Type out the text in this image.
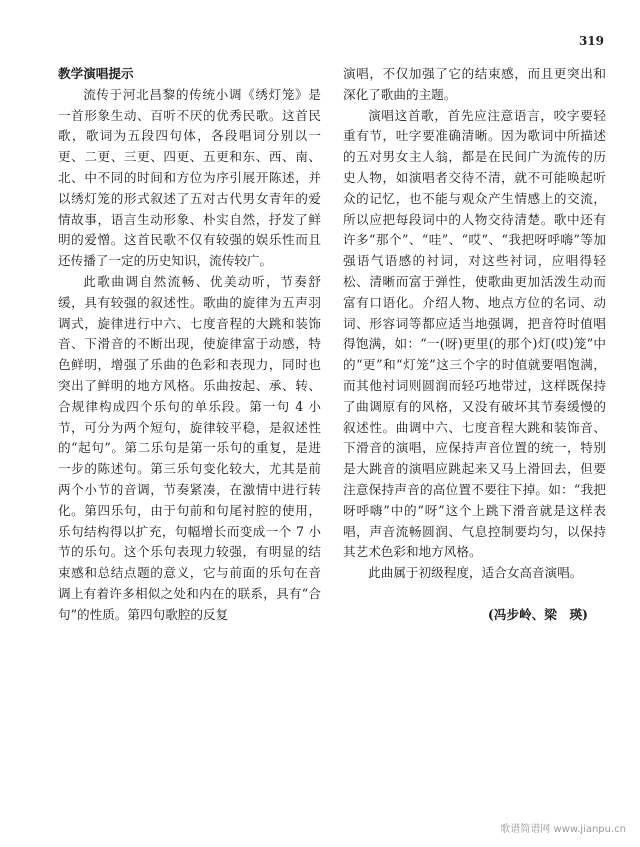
319
教学演唱提示

流传于河北昌黎的传统小调《绣灯笼》是一首形象生动、百听不厌的优秀民歌。这首民歌，歌词为五段四句体，各段唱词分别以一更、二更、三更、四更、五更和东、西、南、北、中不同的时间和方位为序引展开陈述，并以绣灯笼的形式叙述了五对古代男女青年的爱情故事，语言生动形象、朴实自然，抒发了鲜明的爱憎。这首民歌不仅有较强的娱乐性而且还传播了一定的历史知识，流传较广。

此歌曲调自然流畅、优美动听，节奏舒缓，具有较强的叙述性。歌曲的旋律为五声羽调式，旋律进行中六、七度音程的大跳和装饰音、下滑音的不断出现，使旋律富于动感，特色鲜明，增强了乐曲的色彩和表现力，同时也突出了鲜明的地方风格。乐曲按起、承、转、合规律构成四个乐句的单乐段。第一句 4 小节，可分为两个短句，旋律较平稳，是叙述性的“起句”。第二乐句是第一乐句的重复，是进一步的陈述句。第三乐句变化较大，尤其是前两个小节的音调，节奏紧凑，在激情中进行转化。第四乐句，由于句前和句尾衬腔的使用，乐句结构得以扩充，句幅增长而变成一个 7 小节的乐句。这个乐句表现力较强，有明显的结束感和总结点题的意义，它与前面的乐句在音调上有着许多相似之处和内在的联系，具有“合句”的性质。第四句歌腔的反复

演唱，不仅加强了它的结束感，而且更突出和深化了歌曲的主题。

演唱这首歌，首先应注意语言，咬字要轻重有节，吐字要准确清晰。因为歌词中所描述的五对男女主人翁，都是在民间广为流传的历史人物，如演唱者交待不清，就不可能唤起听众的记忆，也不能与观众产生情感上的交流，所以应把每段词中的人物交待清楚。歌中还有许多“那个”、“哇”、“哎”、“我把呀呼嗨”等加强语气语感的衬词，对这些衬词，应唱得轻松、清晰而富于弹性，使歌曲更加活泼生动而富有口语化。介绍人物、地点方位的名词、动词、形容词等都应适当地强调，把音符时值唱得饱满，如：“一(呀)更里(的那个)灯(哎)笼”中的“更”和“灯笼”这三个字的时值就要唱饱满，而其他衬词则圆润而轻巧地带过，这样既保持了曲调原有的风格，又没有破坏其节奏缓慢的叙述性。曲调中六、七度音程大跳和装饰音、下滑音的演唱，应保持声音位置的统一，特别是大跳音的演唱应跳起来又马上滑回去，但要注意保持声音的高位置不要往下掉。如：“我把呀呼嗨”中的“呀”这个上跳下滑音就是这样表唱，声音流畅圆润、气息控制要均匀，以保持其艺术色彩和地方风格。

此曲属于初级程度，适合女高音演唱。

(冯步岭、梁　瑛)
歌谱简谱网 www.jianpu.cn
